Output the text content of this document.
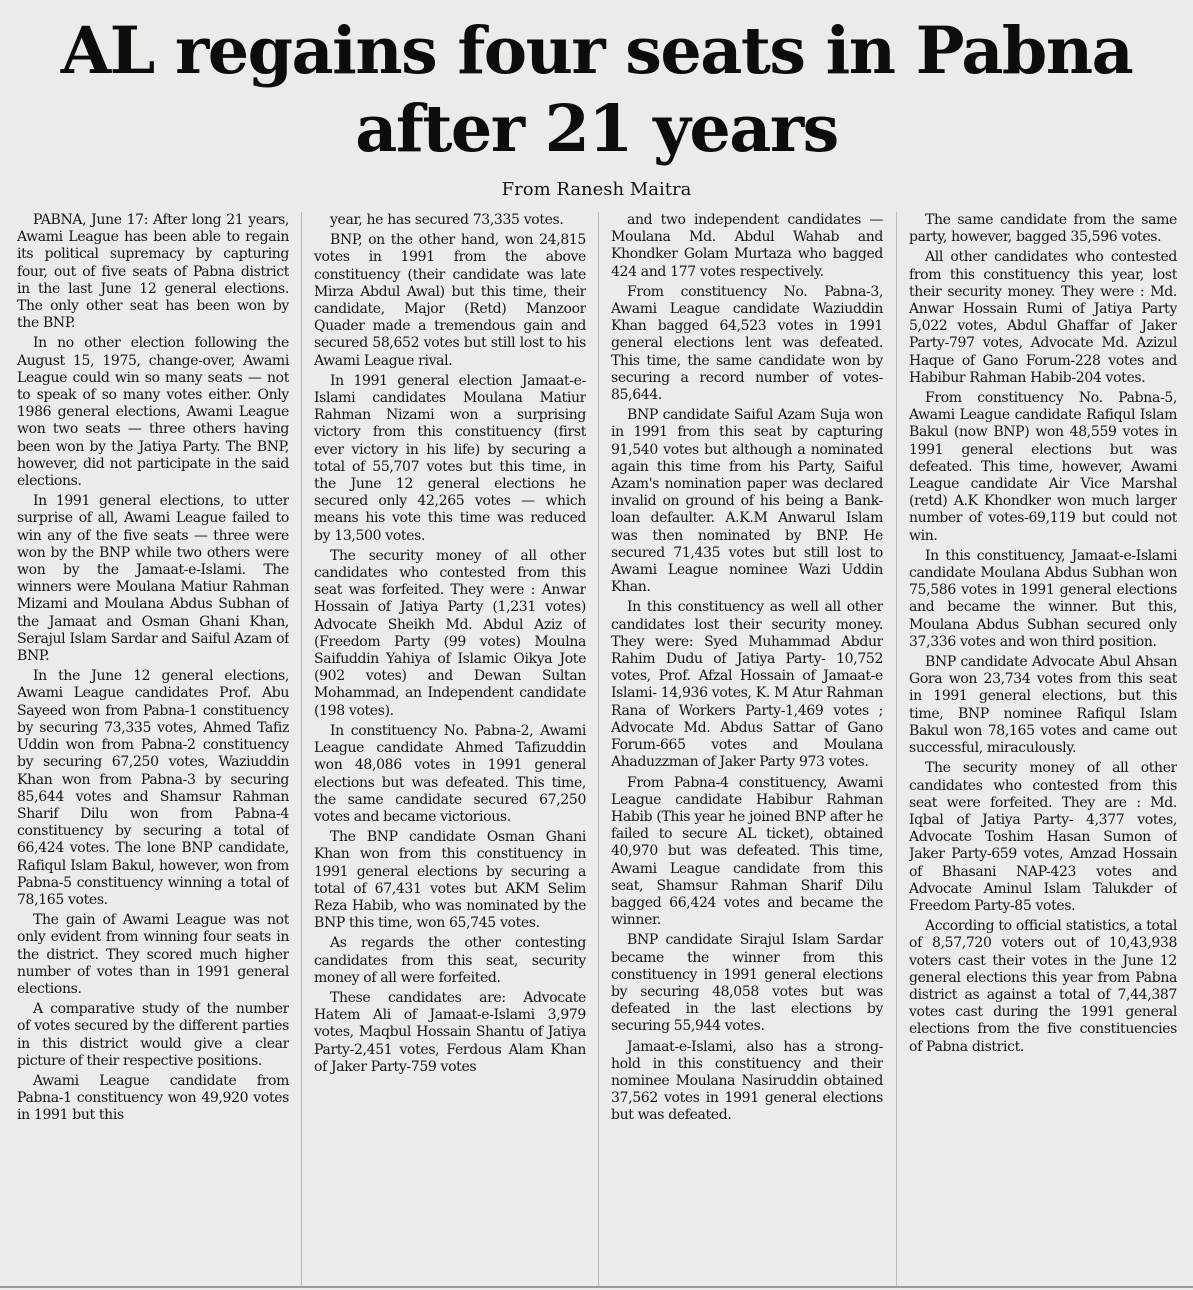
AL regains four seats in Pabna
after 21 years
From Ranesh Maitra

PABNA, June 17: After long 21 years, Awami League has been able to regain its political supremacy by capturing four, out of five seats of Pabna district in the last June 12 general elections. The only other seat has been won by the BNP.

In no other election following the August 15, 1975, change-over, Awami League could win so many seats — not to speak of so many votes either. Only 1986 general elections, Awami League won two seats — three others having been won by the Jatiya Party. The BNP, however, did not participate in the said elections.

In 1991 general elections, to utter surprise of all, Awami League failed to win any of the five seats — three were won by the BNP while two others were won by the Jamaat-e-Islami. The winners were Moulana Matiur Rahman Mizami and Moulana Abdus Subhan of the Jamaat and Osman Ghani Khan, Serajul Islam Sardar and Saiful Azam of BNP.

In the June 12 general elections, Awami League candidates Prof. Abu Sayeed won from Pabna-1 constituency by securing 73,335 votes, Ahmed Tafiz Uddin won from Pabna-2 constituency by securing 67,250 votes, Waziuddin Khan won from Pabna-3 by securing 85,644 votes and Shamsur Rahman Sharif Dilu won from Pabna-4 constituency by securing a total of 66,424 votes. The lone BNP candidate, Rafiqul Islam Bakul, however, won from Pabna-5 constituency winning a total of 78,165 votes.

The gain of Awami League was not only evident from winning four seats in the district. They scored much higher number of votes than in 1991 general elections.

A comparative study of the number of votes secured by the different parties in this district would give a clear picture of their respective positions.

Awami League candidate from Pabna-1 constituency won 49,920 votes in 1991 but this

year, he has secured 73,335 votes.

BNP, on the other hand, won 24,815 votes in 1991 from the above constituency (their candidate was late Mirza Abdul Awal) but this time, their candidate, Major (Retd) Manzoor Quader made a tremendous gain and secured 58,652 votes but still lost to his Awami League rival.

In 1991 general election Jamaat-e-Islami candidates Moulana Matiur Rahman Nizami won a surprising victory from this constituency (first ever victory in his life) by securing a total of 55,707 votes but this time, in the June 12 general elections he secured only 42,265 votes — which means his vote this time was reduced by 13,500 votes.

The security money of all other candidates who contested from this seat was forfeited. They were : Anwar Hossain of Jatiya Party (1,231 votes) Advocate Sheikh Md. Abdul Aziz of (Freedom Party (99 votes) Moulna Saifuddin Yahiya of Islamic Oikya Jote (902 votes) and Dewan Sultan Mohammad, an Independent candidate (198 votes).

In constituency No. Pabna-2, Awami League candidate Ahmed Tafizuddin won 48,086 votes in 1991 general elections but was defeated. This time, the same candidate secured 67,250 votes and became victorious.

The BNP candidate Osman Ghani Khan won from this constituency in 1991 general elections by securing a total of 67,431 votes but AKM Selim Reza Habib, who was nominated by the BNP this time, won 65,745 votes.

As regards the other contesting candidates from this seat, security money of all were forfeited.

These candidates are: Advocate Hatem Ali of Jamaat-e-Islami 3,979 votes, Maqbul Hossain Shantu of Jatiya Party-2,451 votes, Ferdous Alam Khan of Jaker Party-759 votes

and two independent candidates — Moulana Md. Abdul Wahab and Khondker Golam Murtaza who bagged 424 and 177 votes respectively.

From constituency No. Pabna-3, Awami League candidate Waziuddin Khan bagged 64,523 votes in 1991 general elections lent was defeated. This time, the same candidate won by securing a record number of votes-85,644.

BNP candidate Saiful Azam Suja won in 1991 from this seat by capturing 91,540 votes but although a nominated again this time from his Party, Saiful Azam's nomination paper was declared invalid on ground of his being a Bank-loan defaulter. A.K.M Anwarul Islam was then nominated by BNP. He secured 71,435 votes but still lost to Awami League nominee Wazi Uddin Khan.

In this constituency as well all other candidates lost their security money. They were: Syed Muhammad Abdur Rahim Dudu of Jatiya Party- 10,752 votes, Prof. Afzal Hossain of Jamaat-e Islami- 14,936 votes, K. M Atur Rahman Rana of Workers Party-1,469 votes ; Advocate Md. Abdus Sattar of Gano Forum-665 votes and Moulana Ahaduzzman of Jaker Party 973 votes.

From Pabna-4 constituency, Awami League candidate Habibur Rahman Habib (This year he joined BNP after he failed to secure AL ticket), obtained 40,970 but was defeated. This time, Awami League candidate from this seat, Shamsur Rahman Sharif Dilu bagged 66,424 votes and became the winner.

BNP candidate Sirajul Islam Sardar became the winner from this constituency in 1991 general elections by securing 48,058 votes but was defeated in the last elections by securing 55,944 votes.

Jamaat-e-Islami, also has a strong-hold in this constituency and their nominee Moulana Nasiruddin obtained 37,562 votes in 1991 general elections but was defeated.

The same candidate from the same party, however, bagged 35,596 votes.

All other candidates who contested from this constituency this year, lost their security money. They were : Md. Anwar Hossain Rumi of Jatiya Party 5,022 votes, Abdul Ghaffar of Jaker Party-797 votes, Advocate Md. Azizul Haque of Gano Forum-228 votes and Habibur Rahman Habib-204 votes.

From constituency No. Pabna-5, Awami League candidate Rafiqul Islam Bakul (now BNP) won 48,559 votes in 1991 general elections but was defeated. This time, however, Awami League candidate Air Vice Marshal (retd) A.K Khondker won much larger number of votes-69,119 but could not win.

In this constituency, Jamaat-e-Islami candidate Moulana Abdus Subhan won 75,586 votes in 1991 general elections and became the winner. But this, Moulana Abdus Subhan secured only 37,336 votes and won third position.

BNP candidate Advocate Abul Ahsan Gora won 23,734 votes from this seat in 1991 general elections, but this time, BNP nominee Rafiqul Islam Bakul won 78,165 votes and came out successful, miraculously.

The security money of all other candidates who contested from this seat were forfeited. They are : Md. Iqbal of Jatiya Party- 4,377 votes, Advocate Toshim Hasan Sumon of Jaker Party-659 votes, Amzad Hossain of Bhasani NAP-423 votes and Advocate Aminul Islam Talukder of Freedom Party-85 votes.

According to official statistics, a total of 8,57,720 voters out of 10,43,938 voters cast their votes in the June 12 general elections this year from Pabna district as against a total of 7,44,387 votes cast during the 1991 general elections from the five constituencies of Pabna district.
